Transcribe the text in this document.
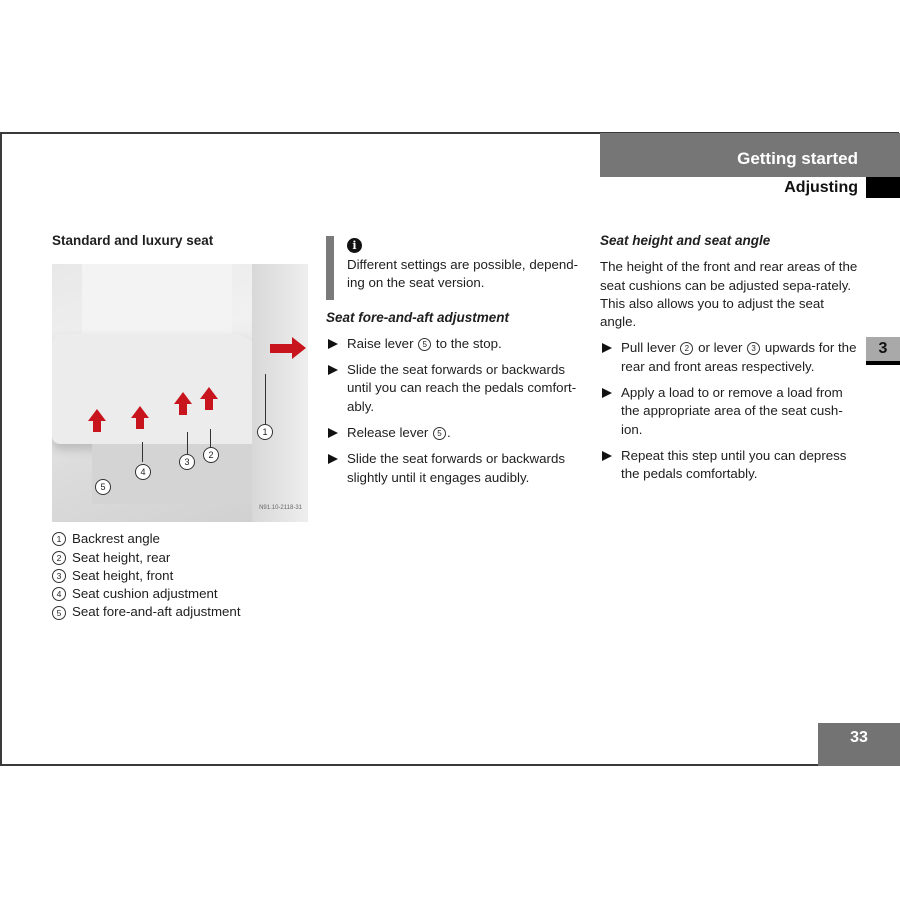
Getting started
Adjusting
3
33
Standard and luxury seat
1
2
3
4
5
N91.10-2118-31
1 Backrest angle
2 Seat height, rear
3 Seat height, front
4 Seat cushion adjustment
5 Seat fore-and-aft adjustment
i
Different settings are possible, depend-ing on the seat version.
Seat fore-and-aft adjustment
Raise lever 5 to the stop.
Slide the seat forwards or backwards until you can reach the pedals comfort-ably.
Release lever 5 .
Slide the seat forwards or backwards slightly until it engages audibly.
Seat height and seat angle
The height of the front and rear areas of the seat cushions can be adjusted sepa-rately. This also allows you to adjust the seat angle.
Pull lever 2 or lever 3 upwards for the rear and front areas respectively.
Apply a load to or remove a load from the appropriate area of the seat cush-ion.
Repeat this step until you can depress the pedals comfortably.
